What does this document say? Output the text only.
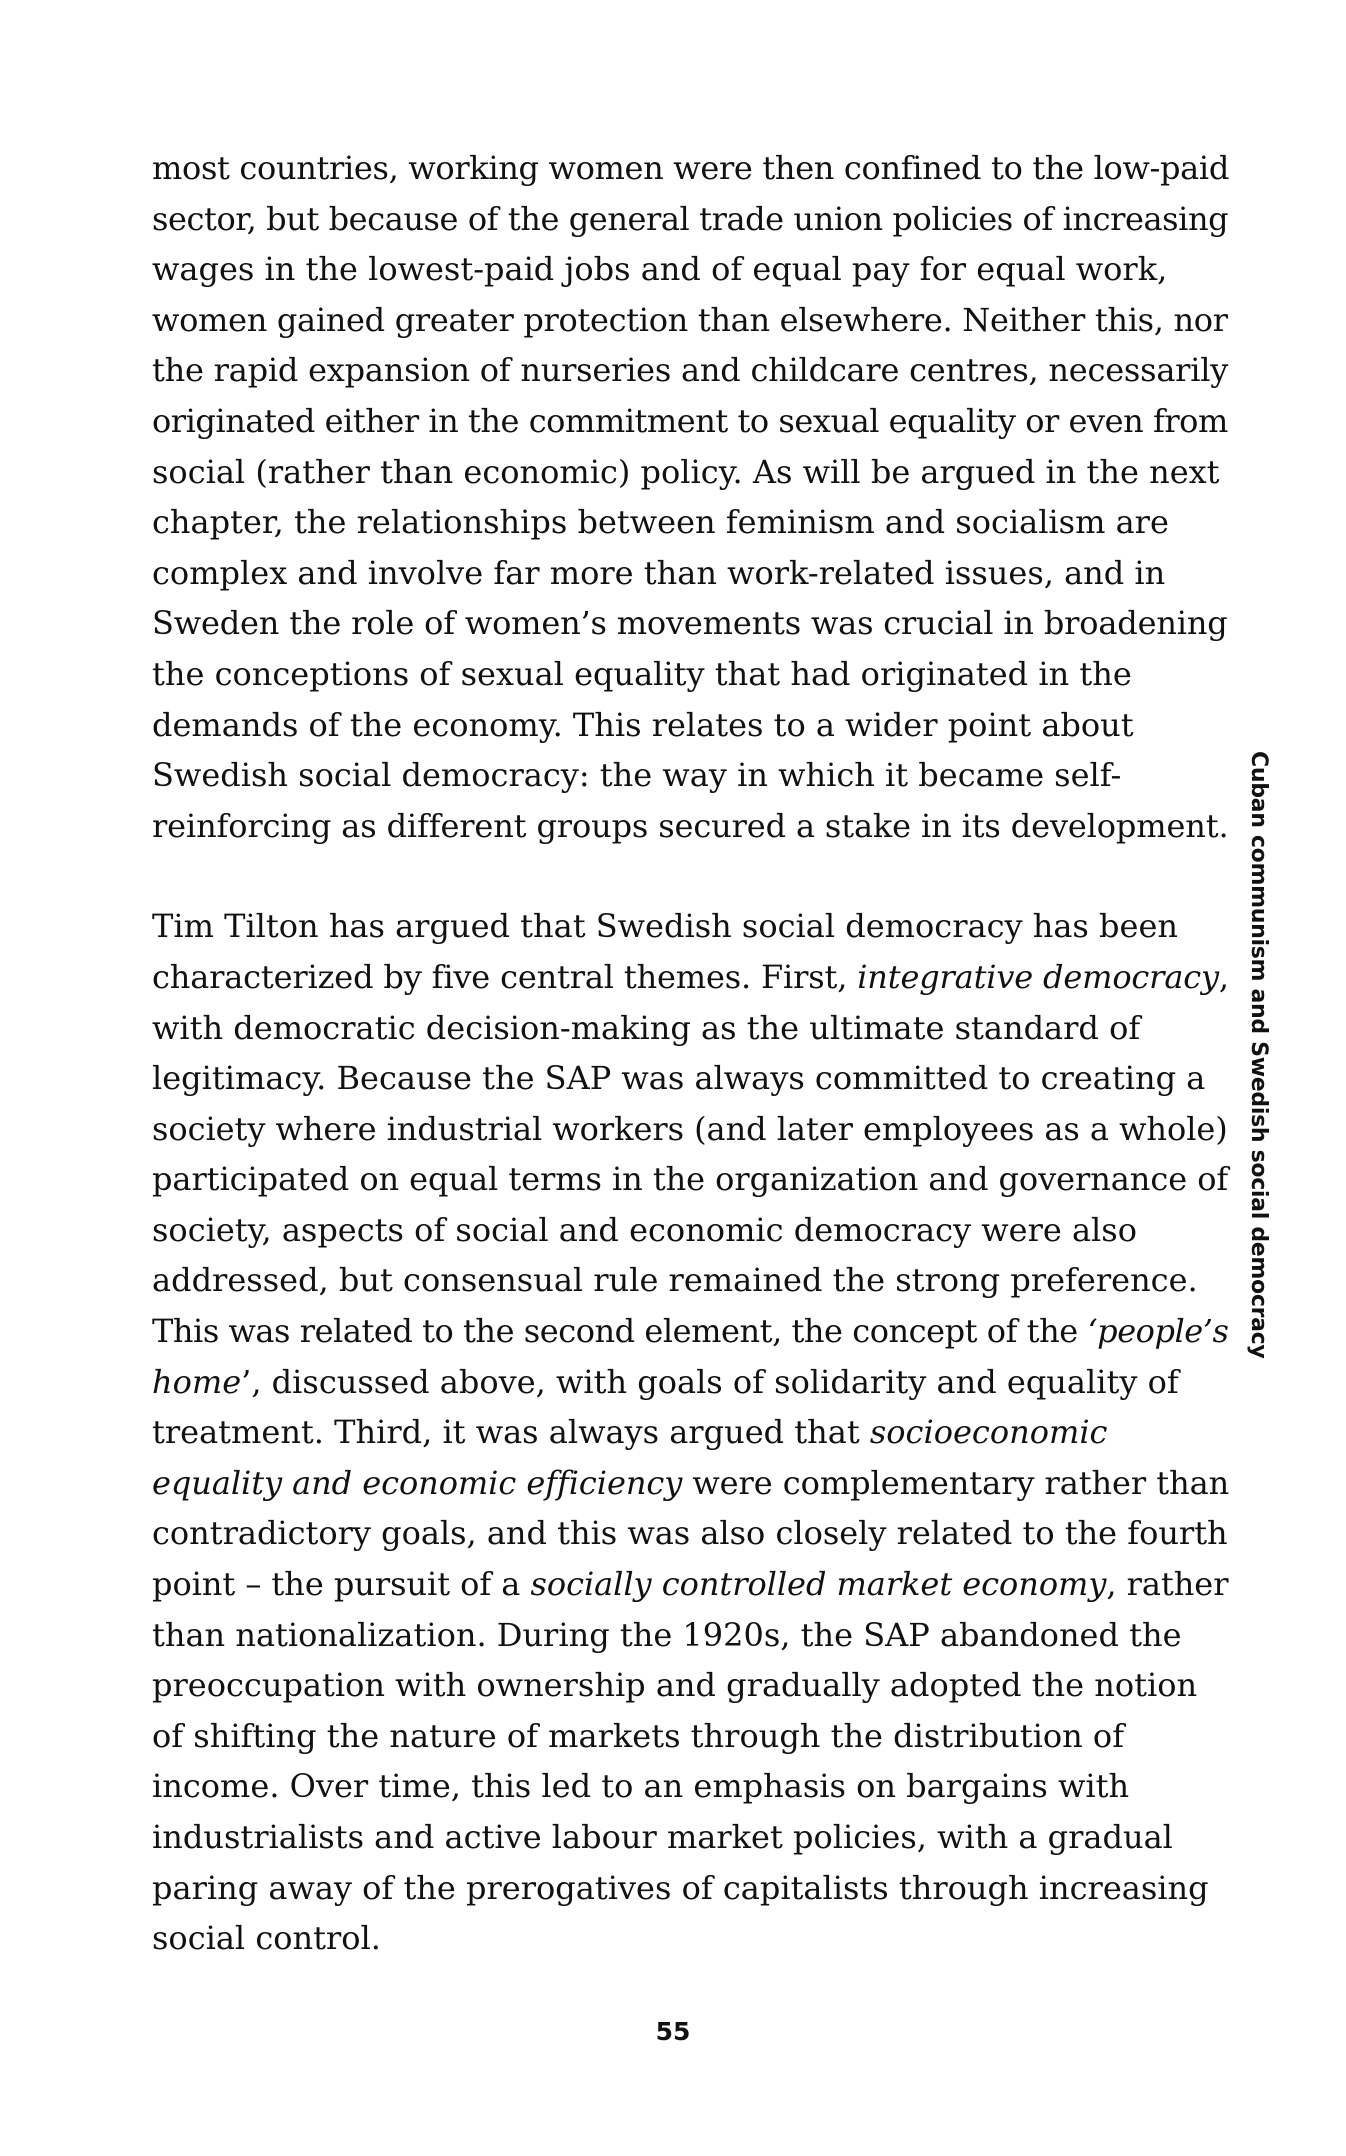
most countries, working women were then confined to the low-paid
sector, but because of the general trade union policies of increasing
wages in the lowest-paid jobs and of equal pay for equal work,
women gained greater protection than elsewhere. Neither this, nor
the rapid expansion of nurseries and childcare centres, necessarily
originated either in the commitment to sexual equality or even from
social (rather than economic) policy. As will be argued in the next
chapter, the relationships between feminism and socialism are
complex and involve far more than work-related issues, and in
Sweden the role of women’s movements was crucial in broadening
the conceptions of sexual equality that had originated in the
demands of the economy. This relates to a wider point about
Swedish social democracy: the way in which it became self-
reinforcing as different groups secured a stake in its development.

Tim Tilton has argued that Swedish social democracy has been
characterized by five central themes. First, integrative democracy,
with democratic decision-making as the ultimate standard of
legitimacy. Because the SAP was always committed to creating a
society where industrial workers (and later employees as a whole)
participated on equal terms in the organization and governance of
society, aspects of social and economic democracy were also
addressed, but consensual rule remained the strong preference.
This was related to the second element, the concept of the ‘people’s
home’, discussed above, with goals of solidarity and equality of
treatment. Third, it was always argued that socioeconomic
equality and economic efficiency were complementary rather than
contradictory goals, and this was also closely related to the fourth
point – the pursuit of a socially controlled market economy, rather
than nationalization. During the 1920s, the SAP abandoned the
preoccupation with ownership and gradually adopted the notion
of shifting the nature of markets through the distribution of
income. Over time, this led to an emphasis on bargains with
industrialists and active labour market policies, with a gradual
paring away of the prerogatives of capitalists through increasing
social control.

Cuban communism and Swedish social democracy
55
